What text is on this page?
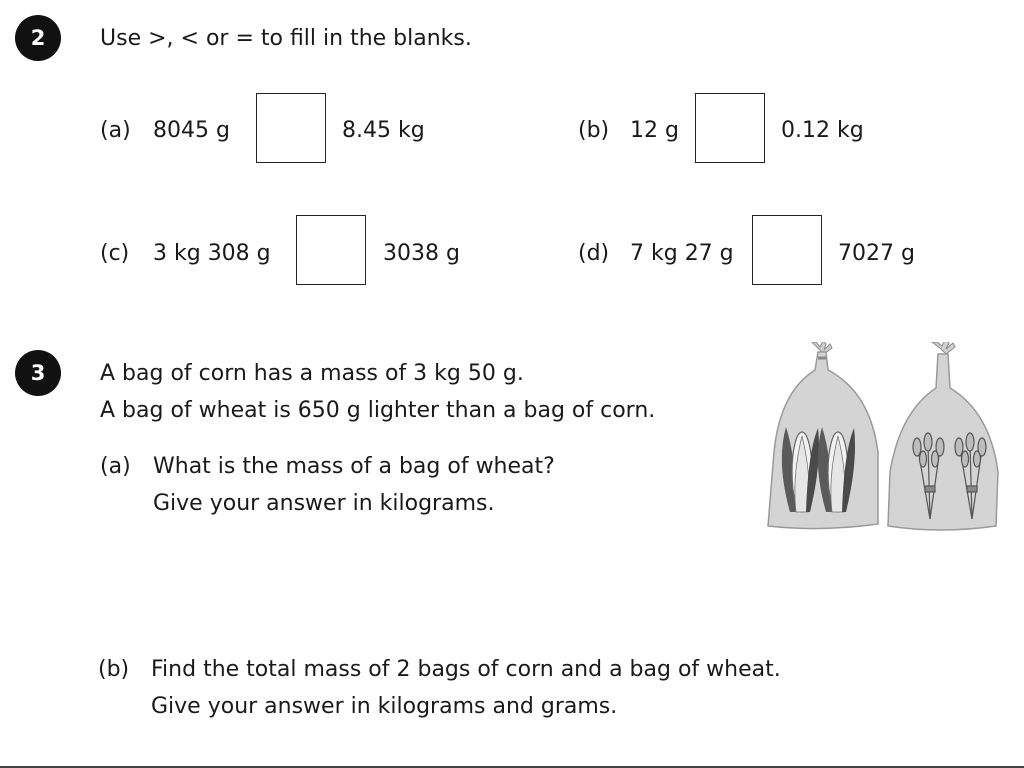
2	Use >, < or = to fill in the blanks.
(a) 8045 g	8.45 kg	(b) 12 g	0.12 kg
(c) 3 kg 308 g	3038 g	(d) 7 kg 27 g	7027 g
3	A bag of corn has a mass of 3 kg 50 g.
A bag of wheat is 650 g lighter than a bag of corn.
(a) What is the mass of a bag of wheat?
Give your answer in kilograms.
(b) Find the total mass of 2 bags of corn and a bag of wheat.
Give your answer in kilograms and grams.
